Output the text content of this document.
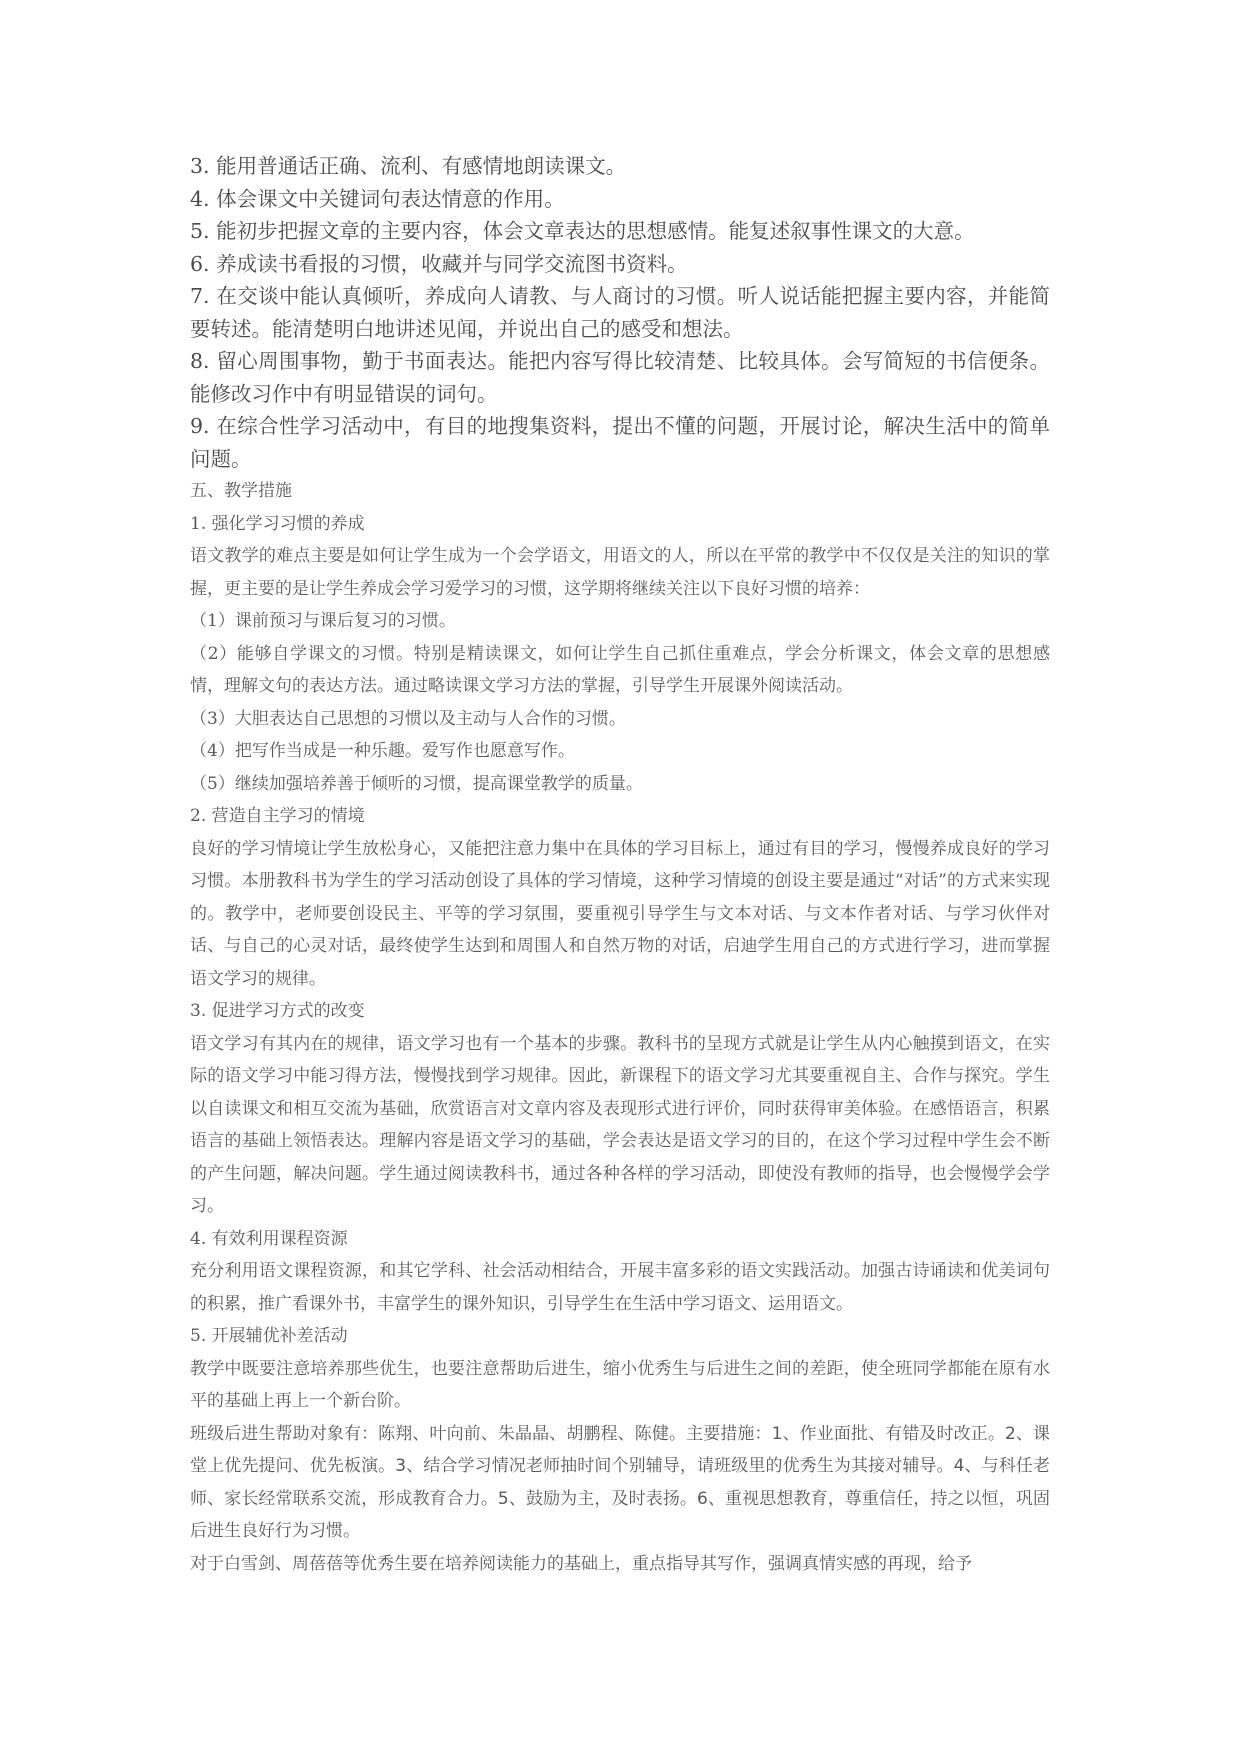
3. 能用普通话正确、流利、有感情地朗读课文。

4. 体会课文中关键词句表达情意的作用。

5. 能初步把握文章的主要内容，体会文章表达的思想感情。能复述叙事性课文的大意。

6. 养成读书看报的习惯，收藏并与同学交流图书资料。

7. 在交谈中能认真倾听，养成向人请教、与人商讨的习惯。听人说话能把握主要内容，并能简要转述。能清楚明白地讲述见闻，并说出自己的感受和想法。

8. 留心周围事物，勤于书面表达。能把内容写得比较清楚、比较具体。会写简短的书信便条。能修改习作中有明显错误的词句。

9. 在综合性学习活动中，有目的地搜集资料，提出不懂的问题，开展讨论，解决生活中的简单问题。

五、教学措施

1. 强化学习习惯的养成

语文教学的难点主要是如何让学生成为一个会学语文，用语文的人，所以在平常的教学中不仅仅是关注的知识的掌握，更主要的是让学生养成会学习爱学习的习惯，这学期将继续关注以下良好习惯的培养：

（1）课前预习与课后复习的习惯。

（2）能够自学课文的习惯。特别是精读课文，如何让学生自己抓住重难点，学会分析课文，体会文章的思想感情，理解文句的表达方法。通过略读课文学习方法的掌握，引导学生开展课外阅读活动。

（3）大胆表达自己思想的习惯以及主动与人合作的习惯。

（4）把写作当成是一种乐趣。爱写作也愿意写作。

（5）继续加强培养善于倾听的习惯，提高课堂教学的质量。

2. 营造自主学习的情境

良好的学习情境让学生放松身心，又能把注意力集中在具体的学习目标上，通过有目的学习，慢慢养成良好的学习习惯。本册教科书为学生的学习活动创设了具体的学习情境，这种学习情境的创设主要是通过“对话”的方式来实现的。教学中，老师要创设民主、平等的学习氛围，要重视引导学生与文本对话、与文本作者对话、与学习伙伴对话、与自己的心灵对话，最终使学生达到和周围人和自然万物的对话，启迪学生用自己的方式进行学习，进而掌握语文学习的规律。

3. 促进学习方式的改变

语文学习有其内在的规律，语文学习也有一个基本的步骤。教科书的呈现方式就是让学生从内心触摸到语文，在实际的语文学习中能习得方法，慢慢找到学习规律。因此，新课程下的语文学习尤其要重视自主、合作与探究。学生以自读课文和相互交流为基础，欣赏语言对文章内容及表现形式进行评价，同时获得审美体验。在感悟语言，积累语言的基础上领悟表达。理解内容是语文学习的基础，学会表达是语文学习的目的，在这个学习过程中学生会不断的产生问题，解决问题。学生通过阅读教科书，通过各种各样的学习活动，即使没有教师的指导，也会慢慢学会学习。

4. 有效利用课程资源

充分利用语文课程资源，和其它学科、社会活动相结合，开展丰富多彩的语文实践活动。加强古诗诵读和优美词句的积累，推广看课外书，丰富学生的课外知识，引导学生在生活中学习语文、运用语文。

5. 开展辅优补差活动

教学中既要注意培养那些优生，也要注意帮助后进生，缩小优秀生与后进生之间的差距，使全班同学都能在原有水平的基础上再上一个新台阶。

班级后进生帮助对象有：陈翔、叶向前、朱晶晶、胡鹏程、陈健。主要措施：1、作业面批、有错及时改正。2、课堂上优先提问、优先板演。3、结合学习情况老师抽时间个别辅导，请班级里的优秀生为其接对辅导。4、与科任老师、家长经常联系交流，形成教育合力。5、鼓励为主，及时表扬。6、重视思想教育，尊重信任，持之以恒，巩固后进生良好行为习惯。

对于白雪剑、周蓓蓓等优秀生要在培养阅读能力的基础上，重点指导其写作，强调真情实感的再现，给予
